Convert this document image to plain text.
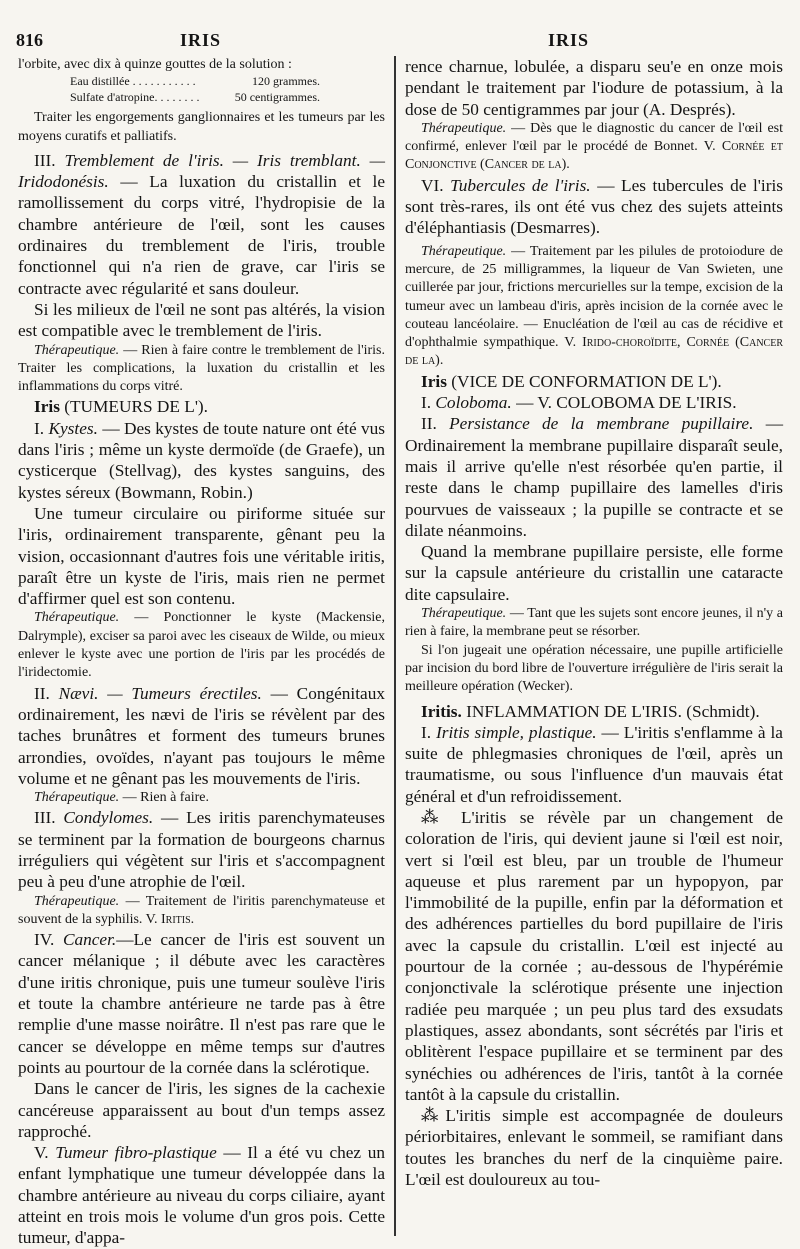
816	IRIS	IRIS

l'orbite, avec dix à quinze gouttes de la solution :

Eau distillée . . . . . . . . . . .	120 grammes.
Sulfate d'atropine. . . . . . . .	50 centigrammes.

Traiter les engorgements ganglionnaires et les tumeurs par les moyens curatifs et palliatifs.

III. Tremblement de l'iris. — Iris tremblant. — Iridodonésis. — La luxation du cristallin et le ramollissement du corps vitré, l'hydropisie de la chambre antérieure de l'œil, sont les causes ordinaires du tremblement de l'iris, trouble fonctionnel qui n'a rien de grave, car l'iris se contracte avec régularité et sans douleur.

Si les milieux de l'œil ne sont pas altérés, la vision est compatible avec le tremblement de l'iris.

Thérapeutique. — Rien à faire contre le tremblement de l'iris. Traiter les complications, la luxation du cristallin et les inflammations du corps vitré.

Iris (TUMEURS DE L').

I. Kystes. — Des kystes de toute nature ont été vus dans l'iris ; même un kyste dermoïde (de Graefe), un cysticerque (Stellvag), des kystes sanguins, des kystes séreux (Bowmann, Robin.)

Une tumeur circulaire ou piriforme située sur l'iris, ordinairement transparente, gênant peu la vision, occasionnant d'autres fois une véritable iritis, paraît être un kyste de l'iris, mais rien ne permet d'affirmer quel est son contenu.

Thérapeutique. — Ponctionner le kyste (Mackensie, Dalrymple), exciser sa paroi avec les ciseaux de Wilde, ou mieux enlever le kyste avec une portion de l'iris par les procédés de l'iridectomie.

II. Nævi. — Tumeurs érectiles. — Congénitaux ordinairement, les nævi de l'iris se révèlent par des taches brunâtres et forment des tumeurs brunes arrondies, ovoïdes, n'ayant pas toujours le même volume et ne gênant pas les mouvements de l'iris.

Thérapeutique. — Rien à faire.

III. Condylomes. — Les iritis parenchymateuses se terminent par la formation de bourgeons charnus irréguliers qui végètent sur l'iris et s'accompagnent peu à peu d'une atrophie de l'œil.

Thérapeutique. — Traitement de l'iritis parenchymateuse et souvent de la syphilis. V. Iritis.

IV. Cancer.—Le cancer de l'iris est souvent un cancer mélanique ; il débute avec les caractères d'une iritis chronique, puis une tumeur soulève l'iris et toute la chambre antérieure ne tarde pas à être remplie d'une masse noirâtre. Il n'est pas rare que le cancer se développe en même temps sur d'autres points au pourtour de la cornée dans la sclérotique.

Dans le cancer de l'iris, les signes de la cachexie cancéreuse apparaissent au bout d'un temps assez rapproché.

V. Tumeur fibro-plastique — Il a été vu chez un enfant lymphatique une tumeur développée dans la chambre antérieure au niveau du corps ciliaire, ayant atteint en trois mois le volume d'un gros pois. Cette tumeur, d'appa-

rence charnue, lobulée, a disparu seu'e en onze mois pendant le traitement par l'iodure de potassium, à la dose de 50 centigrammes par jour (A. Després).

Thérapeutique. — Dès que le diagnostic du cancer de l'œil est confirmé, enlever l'œil par le procédé de Bonnet. V. Cornée et Conjonctive (Cancer de la).

VI. Tubercules de l'iris. — Les tubercules de l'iris sont très-rares, ils ont été vus chez des sujets atteints d'éléphantiasis (Desmarres).

Thérapeutique. — Traitement par les pilules de protoiodure de mercure, de 25 milligrammes, la liqueur de Van Swieten, une cuillerée par jour, frictions mercurielles sur la tempe, excision de la tumeur avec un lambeau d'iris, après incision de la cornée avec le couteau lancéolaire. — Enucléation de l'œil au cas de récidive et d'ophthalmie sympathique. V. Irido-choroïdite, Cornée (Cancer de la).

Iris (VICE DE CONFORMATION DE L').

I. Coloboma. — V. COLOBOMA DE L'IRIS.

II. Persistance de la membrane pupillaire. — Ordinairement la membrane pupillaire disparaît seule, mais il arrive qu'elle n'est résorbée qu'en partie, il reste dans le champ pupillaire des lamelles d'iris pourvues de vaisseaux ; la pupille se contracte et se dilate néanmoins.

Quand la membrane pupillaire persiste, elle forme sur la capsule antérieure du cristallin une cataracte dite capsulaire.

Thérapeutique. — Tant que les sujets sont encore jeunes, il n'y a rien à faire, la membrane peut se résorber.

Si l'on jugeait une opération nécessaire, une pupille artificielle par incision du bord libre de l'ouverture irrégulière de l'iris serait la meilleure opération (Wecker).

Iritis. INFLAMMATION DE L'IRIS. (Schmidt).

I. Iritis simple, plastique. — L'iritis s'enflamme à la suite de phlegmasies chroniques de l'œil, après un traumatisme, ou sous l'influence d'un mauvais état général et d'un refroidissement.

⁂ L'iritis se révèle par un changement de coloration de l'iris, qui devient jaune si l'œil est noir, vert si l'œil est bleu, par un trouble de l'humeur aqueuse et plus rarement par un hypopyon, par l'immobilité de la pupille, enfin par la déformation et des adhérences partielles du bord pupillaire de l'iris avec la capsule du cristallin. L'œil est injecté au pourtour de la cornée ; au-dessous de l'hypérémie conjonctivale la sclérotique présente une injection radiée peu marquée ; un peu plus tard des exsudats plastiques, assez abondants, sont sécrétés par l'iris et oblitèrent l'espace pupillaire et se terminent par des synéchies ou adhérences de l'iris, tantôt à la cornée tantôt à la capsule du cristallin.

⁂L'iritis simple est accompagnée de douleurs périorbitaires, enlevant le sommeil, se ramifiant dans toutes les branches du nerf de la cinquième paire. L'œil est douloureux au tou-
